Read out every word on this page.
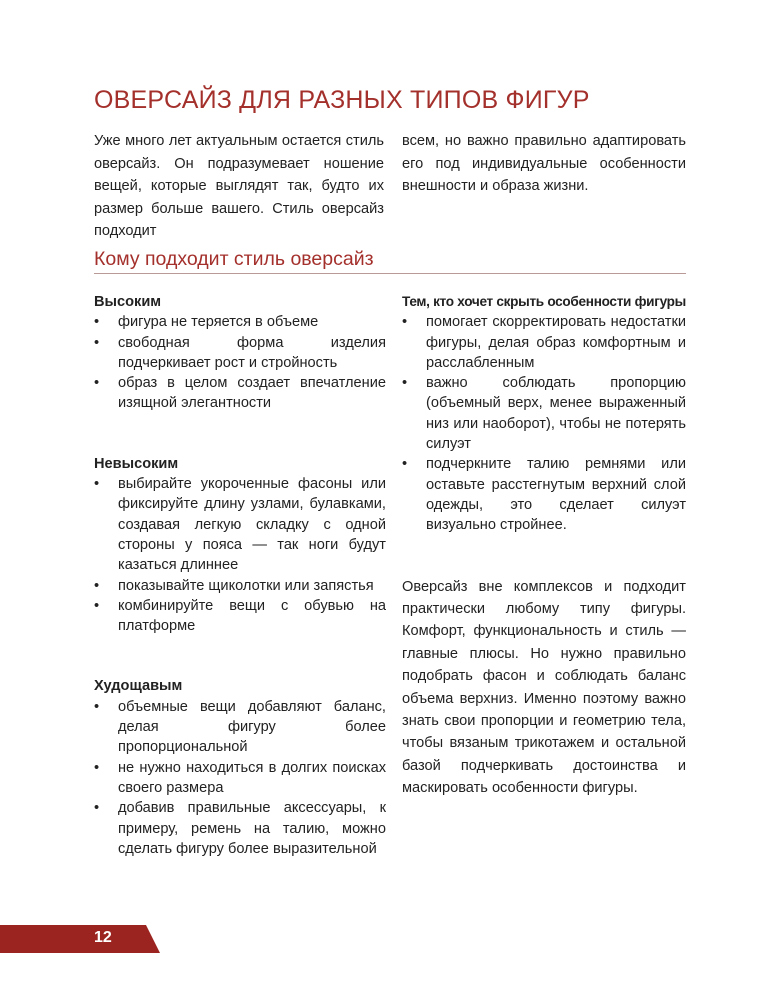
ОВЕРСАЙЗ ДЛЯ РАЗНЫХ ТИПОВ ФИГУР

Уже много лет актуальным остается стиль оверсайз. Он подразумевает ношение вещей, которые выглядят так, будто их размер больше вашего. Стиль оверсайз подходит

всем, но важно правильно адаптировать его под индивидуальные особенности внешности и образа жизни.

Кому подходит стиль оверсайз
Высоким
• фигура не теряется в объеме
• свободная форма изделия подчеркивает рост и стройность
• образ в целом создает впечатление изящной элегантности
Невысоким
• выбирайте укороченные фасоны или фиксируйте длину узлами, булавками, создавая легкую складку с одной стороны у пояса — так ноги будут казаться длиннее
• показывайте щиколотки или запястья
• комбинируйте вещи с обувью на платформе
Худощавым
• объемные вещи добавляют баланс, делая фигуру более пропорциональной
• не нужно находиться в долгих поисках своего размера
• добавив правильные аксессуары, к примеру, ремень на талию, можно сделать фигуру более выразительной
Тем, кто хочет скрыть особенности фигуры
• помогает скорректировать недостатки фигуры, делая образ комфортным и расслабленным
• важно соблюдать пропорцию (объемный верх, менее выраженный низ или наоборот), чтобы не потерять силуэт
• подчеркните талию ремнями или оставьте расстегнутым верхний слой одежды, это сделает силуэт визуально стройнее.

Оверсайз вне комплексов и подходит практически любому типу фигуры. Комфорт, функциональность и стиль — главные плюсы. Но нужно правильно подобрать фасон и соблюдать баланс объема верхниз. Именно поэтому важно знать свои пропорции и геометрию тела, чтобы вязаным трикотажем и остальной базой подчеркивать достоинства и маскировать особенности фигуры.

12
